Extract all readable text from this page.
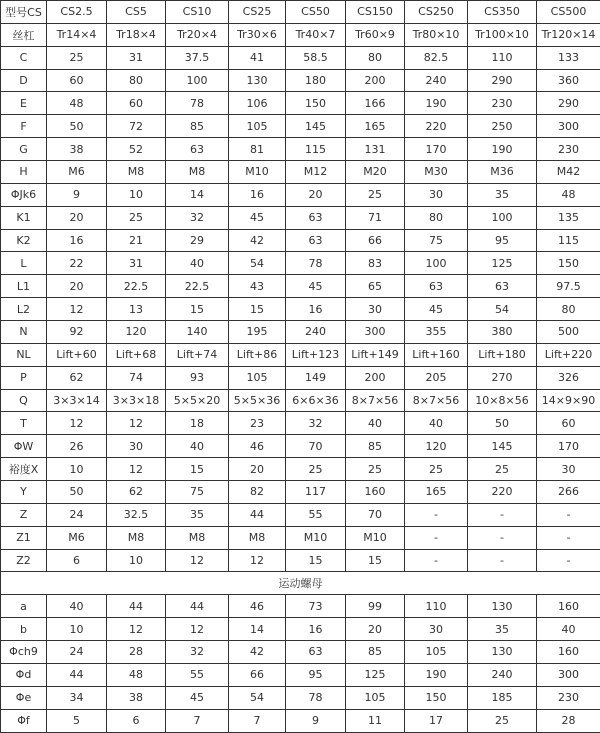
型号CS	CS2.5	CS5	CS10	CS25	CS50	CS150	CS250	CS350	CS500
丝杠	Tr14×4	Tr18×4	Tr20×4	Tr30×6	Tr40×7	Tr60×9	Tr80×10	Tr100×10	Tr120×14
C	25	31	37.5	41	58.5	80	82.5	110	133
D	60	80	100	130	180	200	240	290	360
E	48	60	78	106	150	166	190	230	290
F	50	72	85	105	145	165	220	250	300
G	38	52	63	81	115	131	170	190	230
H	M6	M8	M8	M10	M12	M20	M30	M36	M42
ΦJk6	9	10	14	16	20	25	30	35	48
K1	20	25	32	45	63	71	80	100	135
K2	16	21	29	42	63	66	75	95	115
L	22	31	40	54	78	83	100	125	150
L1	20	22.5	22.5	43	45	65	63	63	97.5
L2	12	13	15	15	16	30	45	54	80
N	92	120	140	195	240	300	355	380	500
NL	Lift+60	Lift+68	Lift+74	Lift+86	Lift+123	Lift+149	Lift+160	Lift+180	Lift+220
P	62	74	93	105	149	200	205	270	326
Q	3×3×14	3×3×18	5×5×20	5×5×36	6×6×36	8×7×56	8×7×56	10×8×56	14×9×90
T	12	12	18	23	32	40	40	50	60
ΦW	26	30	40	46	70	85	120	145	170
裕度X	10	12	15	20	25	25	25	25	30
Y	50	62	75	82	117	160	165	220	266
Z	24	32.5	35	44	55	70	-	-	-
Z1	M6	M8	M8	M8	M10	M10	-	-	-
Z2	6	10	12	12	15	15	-	-	-
运动螺母									
a	40	44	44	46	73	99	110	130	160
b	10	12	12	14	16	20	30	35	40
Φch9	24	28	32	42	63	85	105	130	160
Φd	44	48	55	66	95	125	190	240	300
Φe	34	38	45	54	78	105	150	185	230
Φf	5	6	7	7	9	11	17	25	28
